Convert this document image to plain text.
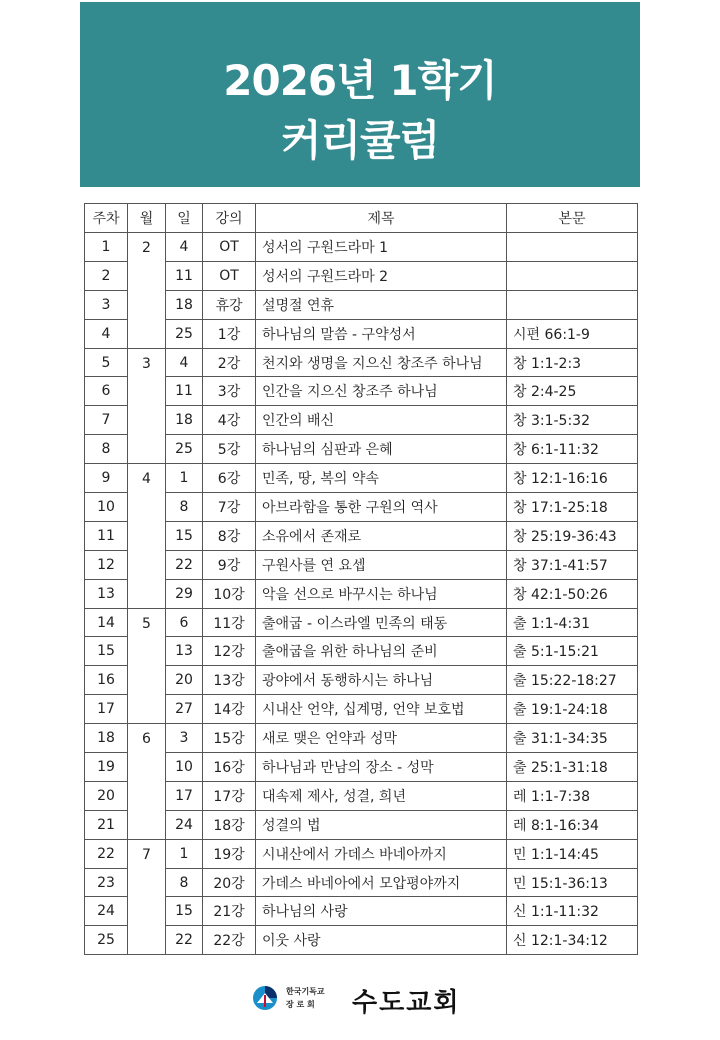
2026년 1학기
커리큘럼
주차	월	일	강의	제목	본문
1	2	4	OT	성서의 구원드라마 1	
2		11	OT	성서의 구원드라마 2	
3		18	휴강	설명절 연휴	
4		25	1강	하나님의 말씀 - 구약성서	시편 66:1-9
5	3	4	2강	천지와 생명을 지으신 창조주 하나님	창 1:1-2:3
6		11	3강	인간을 지으신 창조주 하나님	창 2:4-25
7		18	4강	인간의 배신	창 3:1-5:32
8		25	5강	하나님의 심판과 은혜	창 6:1-11:32
9	4	1	6강	민족, 땅, 복의 약속	창 12:1-16:16
10		8	7강	아브라함을 통한 구원의 역사	창 17:1-25:18
11		15	8강	소유에서 존재로	창 25:19-36:43
12		22	9강	구원사를 연 요셉	창 37:1-41:57
13		29	10강	악을 선으로 바꾸시는 하나님	창 42:1-50:26
14	5	6	11강	출애굽 - 이스라엘 민족의 태동	출 1:1-4:31
15		13	12강	출애굽을 위한 하나님의 준비	출 5:1-15:21
16		20	13강	광야에서 동행하시는 하나님	출 15:22-18:27
17		27	14강	시내산 언약, 십계명, 언약 보호법	출 19:1-24:18
18	6	3	15강	새로 맺은 언약과 성막	출 31:1-34:35
19		10	16강	하나님과 만남의 장소 - 성막	출 25:1-31:18
20		17	17강	대속제 제사, 성결, 희년	레 1:1-7:38
21		24	18강	성결의 법	레 8:1-16:34
22	7	1	19강	시내산에서 가데스 바네아까지	민 1:1-14:45
23		8	20강	가데스 바네아에서 모압평야까지	민 15:1-36:13
24		15	21강	하나님의 사랑	신 1:1-11:32
25		22	22강	이웃 사랑	신 12:1-34:12
한국기독교
장 로 회	수도교회
